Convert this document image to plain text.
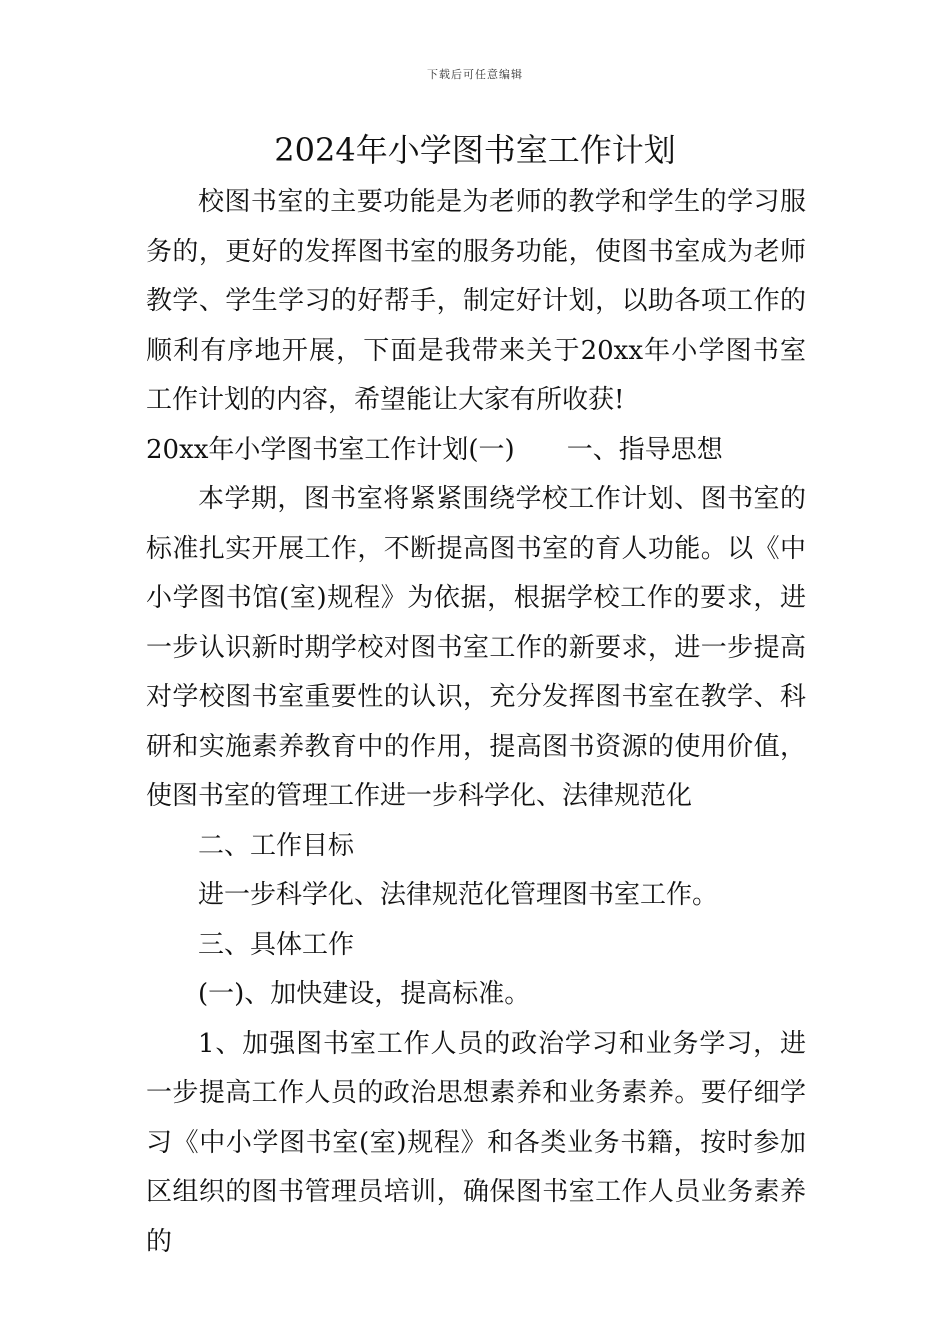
下载后可任意编辑
2024年小学图书室工作计划

校图书室的主要功能是为老师的教学和学生的学习服务的，更好的发挥图书室的服务功能，使图书室成为老师教学、学生学习的好帮手，制定好计划，以助各项工作的顺利有序地开展，下面是我带来关于20xx年小学图书室工作计划的内容，希望能让大家有所收获!

20xx年小学图书室工作计划(一) 一、指导思想

本学期，图书室将紧紧围绕学校工作计划、图书室的标准扎实开展工作，不断提高图书室的育人功能。以《中小学图书馆(室)规程》为依据，根据学校工作的要求，进一步认识新时期学校对图书室工作的新要求，进一步提高对学校图书室重要性的认识，充分发挥图书室在教学、科研和实施素养教育中的作用，提高图书资源的使用价值，使图书室的管理工作进一步科学化、法律规范化

二、工作目标

进一步科学化、法律规范化管理图书室工作。

三、具体工作

(一)、加快建设，提高标准。

1、加强图书室工作人员的政治学习和业务学习，进一步提高工作人员的政治思想素养和业务素养。要仔细学习《中小学图书室(室)规程》和各类业务书籍，按时参加区组织的图书管理员培训，确保图书室工作人员业务素养的
